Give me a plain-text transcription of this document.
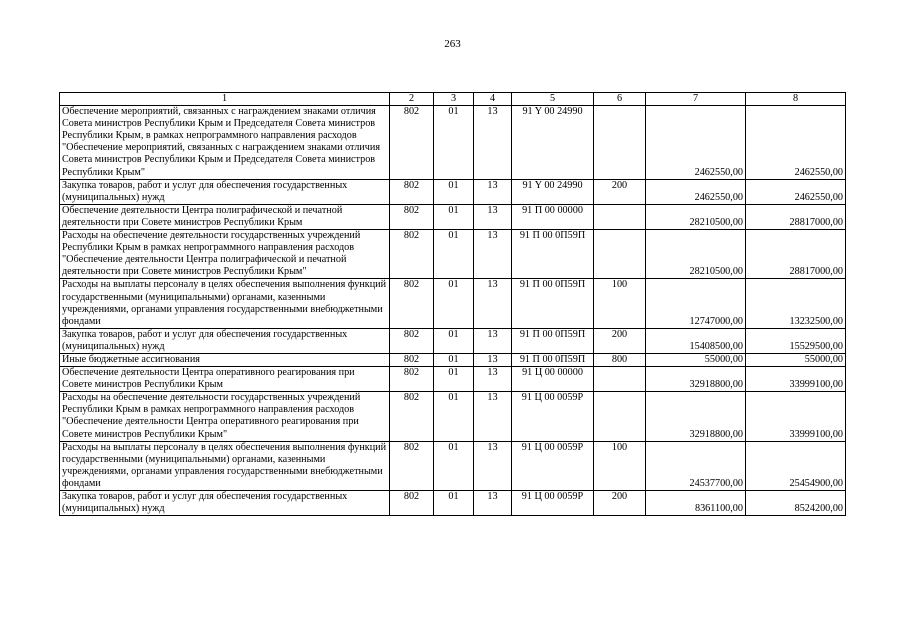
263
1	2	3	4	5	6	7	8
Обеспечение мероприятий, связанных с награждением знаками отличия Совета министров Республики Крым и Председателя Совета министров Республики Крым, в рамках непрограммного направления расходов "Обеспечение мероприятий, связанных с награждением знаками отличия Совета министров Республики Крым и Председателя Совета министров Республики Крым"	802	01	13	91 Y 00 24990		2462550,00	2462550,00
Закупка товаров, работ и услуг для обеспечения государственных (муниципальных) нужд	802	01	13	91 Y 00 24990	200	2462550,00	2462550,00
Обеспечение деятельности Центра полиграфической и печатной деятельности при Совете министров Республики Крым	802	01	13	91 П 00 00000		28210500,00	28817000,00
Расходы на обеспечение деятельности государственных учреждений Республики Крым в рамках непрограммного направления расходов "Обеспечение деятельности Центра полиграфической и печатной деятельности при Совете министров Республики Крым"	802	01	13	91 П 00 0П59П		28210500,00	28817000,00
Расходы на выплаты персоналу в целях обеспечения выполнения функций государственными (муниципальными) органами, казенными учреждениями, органами управления государственными внебюджетными фондами	802	01	13	91 П 00 0П59П	100	12747000,00	13232500,00
Закупка товаров, работ и услуг для обеспечения государственных (муниципальных) нужд	802	01	13	91 П 00 0П59П	200	15408500,00	15529500,00
Иные бюджетные ассигнования	802	01	13	91 П 00 0П59П	800	55000,00	55000,00
Обеспечение деятельности Центра оперативного реагирования при Совете министров Республики Крым	802	01	13	91 Ц 00 00000		32918800,00	33999100,00
Расходы на обеспечение деятельности государственных учреждений Республики Крым в рамках непрограммного направления расходов "Обеспечение деятельности Центра оперативного реагирования при Совете министров Республики Крым"	802	01	13	91 Ц 00 0059Р		32918800,00	33999100,00
Расходы на выплаты персоналу в целях обеспечения выполнения функций государственными (муниципальными) органами, казенными учреждениями, органами управления государственными внебюджетными фондами	802	01	13	91 Ц 00 0059Р	100	24537700,00	25454900,00
Закупка товаров, работ и услуг для обеспечения государственных (муниципальных) нужд	802	01	13	91 Ц 00 0059Р	200	8361100,00	8524200,00
